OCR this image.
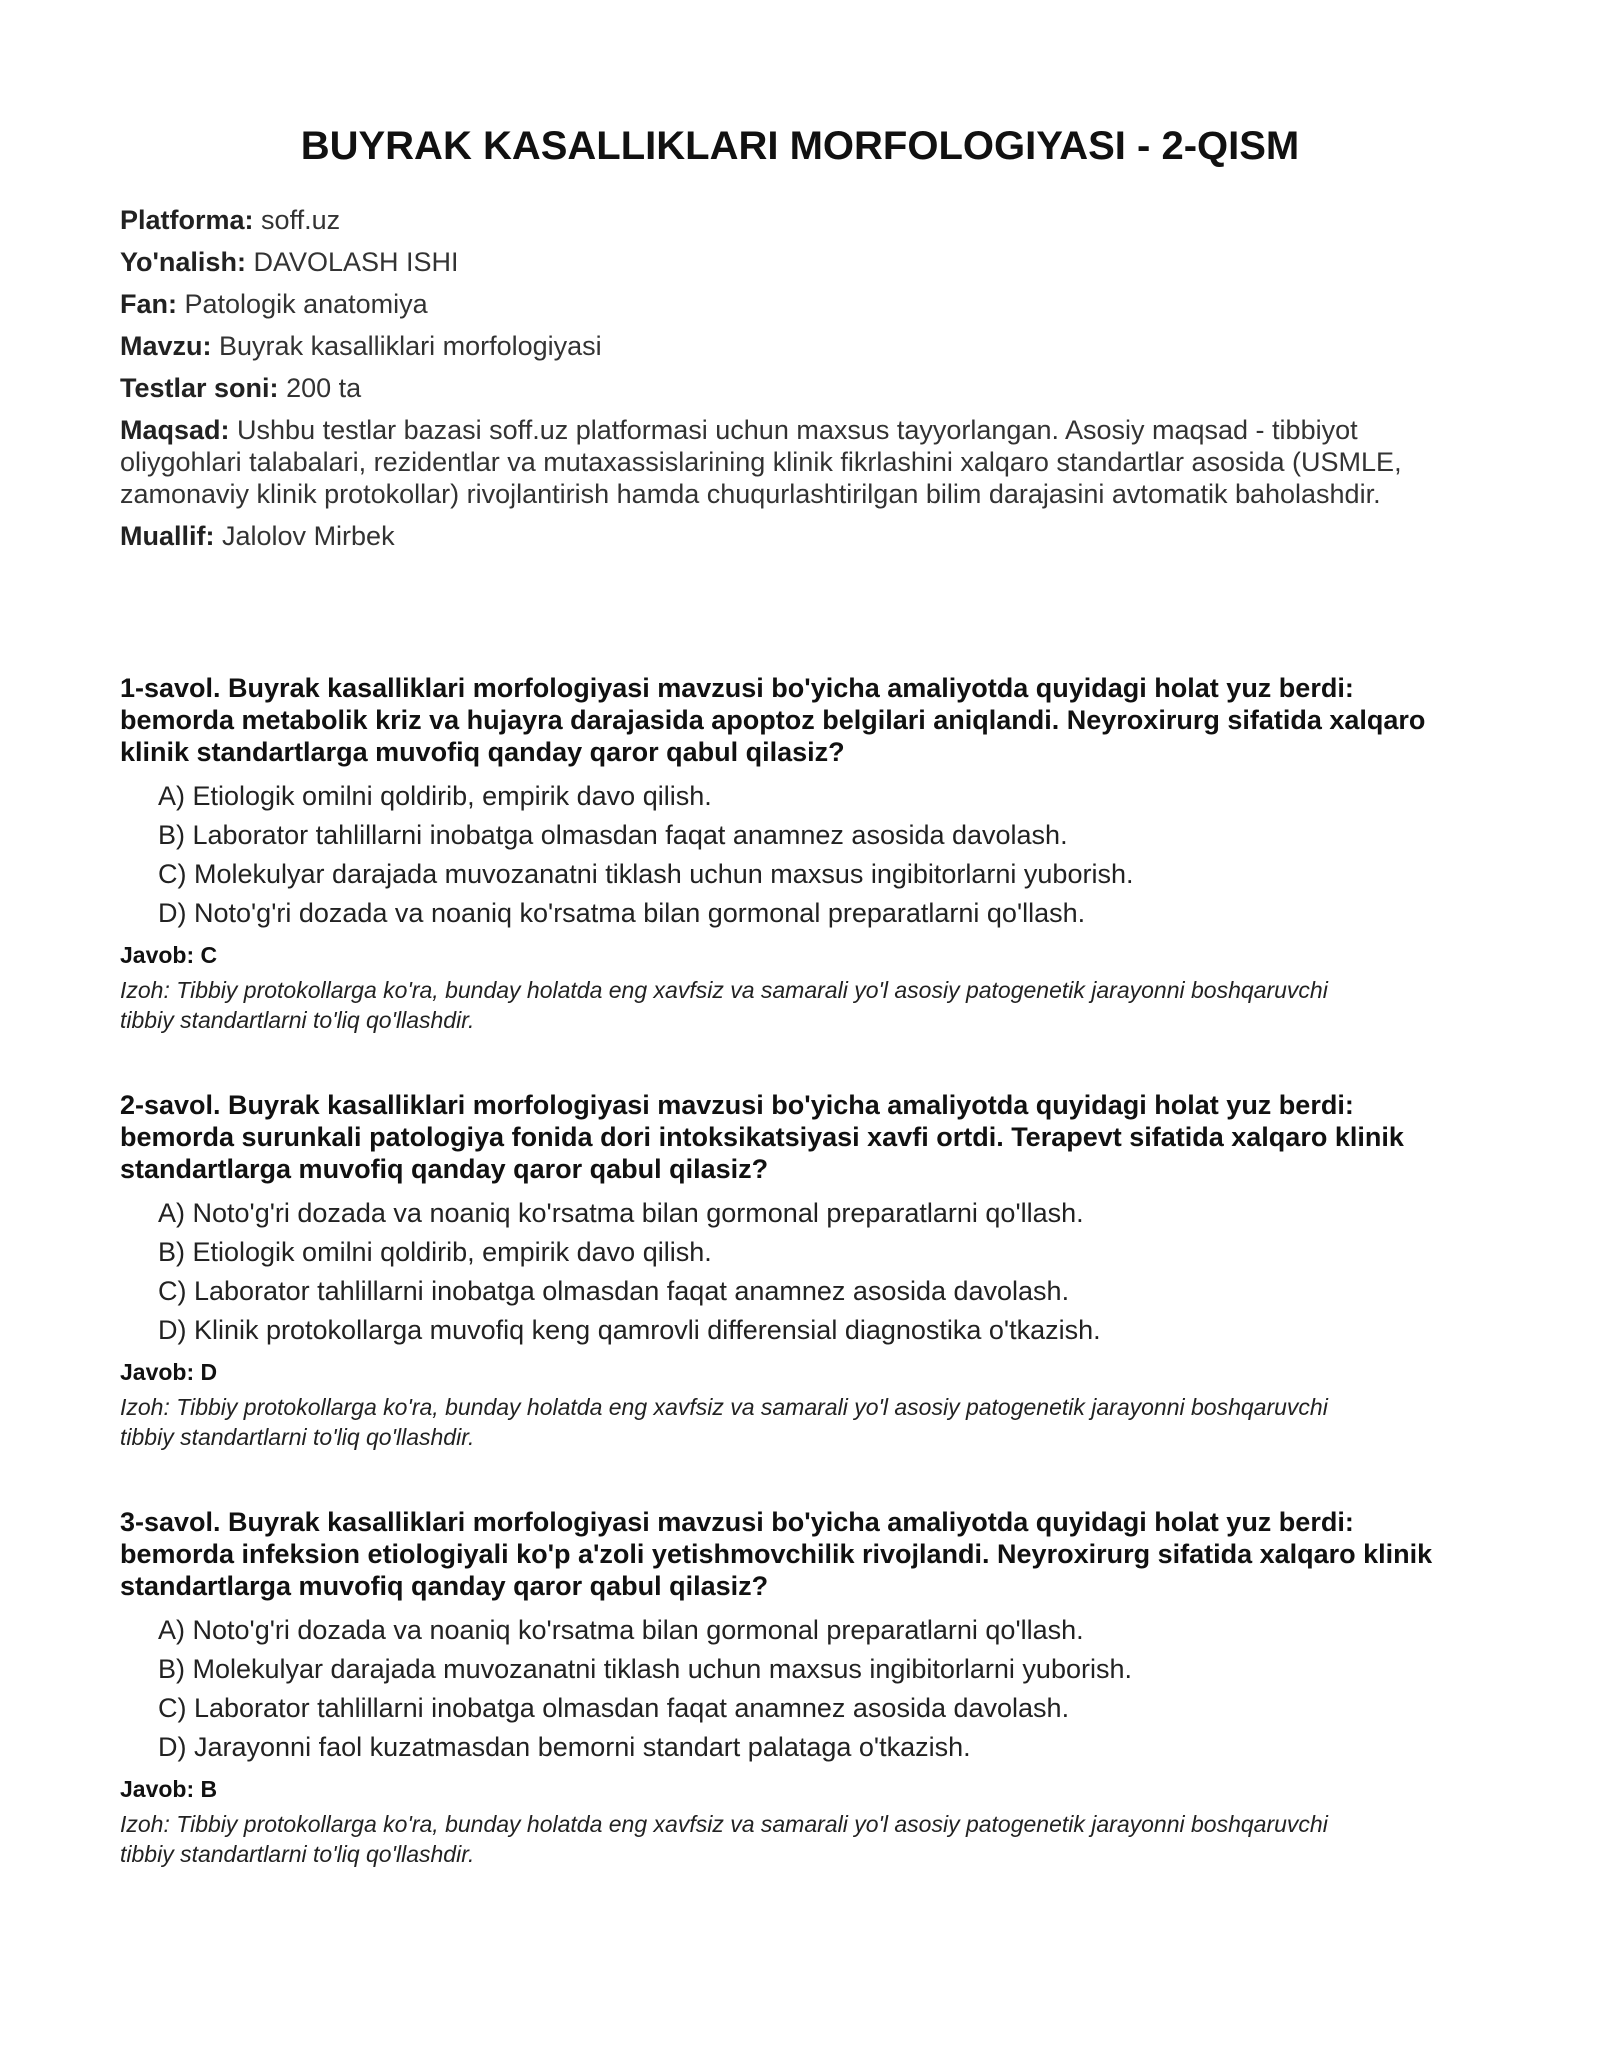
BUYRAK KASALLIKLARI MORFOLOGIYASI - 2-QISM
Platforma: soff.uz
Yo'nalish: DAVOLASH ISHI
Fan: Patologik anatomiya
Mavzu: Buyrak kasalliklari morfologiyasi
Testlar soni: 200 ta
Maqsad: Ushbu testlar bazasi soff.uz platformasi uchun maxsus tayyorlangan. Asosiy maqsad - tibbiyot oliygohlari talabalari, rezidentlar va mutaxassislarining klinik fikrlashini xalqaro standartlar asosida (USMLE, zamonaviy klinik protokollar) rivojlantirish hamda chuqurlashtirilgan bilim darajasini avtomatik baholashdir.
Muallif: Jalolov Mirbek
1-savol. Buyrak kasalliklari morfologiyasi mavzusi bo'yicha amaliyotda quyidagi holat yuz berdi: bemorda metabolik kriz va hujayra darajasida apoptoz belgilari aniqlandi. Neyroxirurg sifatida xalqaro klinik standartlarga muvofiq qanday qaror qabul qilasiz?
A) Etiologik omilni qoldirib, empirik davo qilish.
B) Laborator tahlillarni inobatga olmasdan faqat anamnez asosida davolash.
C) Molekulyar darajada muvozanatni tiklash uchun maxsus ingibitorlarni yuborish.
D) Noto'g'ri dozada va noaniq ko'rsatma bilan gormonal preparatlarni qo'llash.
Javob: C
Izoh: Tibbiy protokollarga ko'ra, bunday holatda eng xavfsiz va samarali yo'l asosiy patogenetik jarayonni boshqaruvchi tibbiy standartlarni to'liq qo'llashdir.
2-savol. Buyrak kasalliklari morfologiyasi mavzusi bo'yicha amaliyotda quyidagi holat yuz berdi: bemorda surunkali patologiya fonida dori intoksikatsiyasi xavfi ortdi. Terapevt sifatida xalqaro klinik standartlarga muvofiq qanday qaror qabul qilasiz?
A) Noto'g'ri dozada va noaniq ko'rsatma bilan gormonal preparatlarni qo'llash.
B) Etiologik omilni qoldirib, empirik davo qilish.
C) Laborator tahlillarni inobatga olmasdan faqat anamnez asosida davolash.
D) Klinik protokollarga muvofiq keng qamrovli differensial diagnostika o'tkazish.
Javob: D
Izoh: Tibbiy protokollarga ko'ra, bunday holatda eng xavfsiz va samarali yo'l asosiy patogenetik jarayonni boshqaruvchi tibbiy standartlarni to'liq qo'llashdir.
3-savol. Buyrak kasalliklari morfologiyasi mavzusi bo'yicha amaliyotda quyidagi holat yuz berdi: bemorda infeksion etiologiyali ko'p a'zoli yetishmovchilik rivojlandi. Neyroxirurg sifatida xalqaro klinik standartlarga muvofiq qanday qaror qabul qilasiz?
A) Noto'g'ri dozada va noaniq ko'rsatma bilan gormonal preparatlarni qo'llash.
B) Molekulyar darajada muvozanatni tiklash uchun maxsus ingibitorlarni yuborish.
C) Laborator tahlillarni inobatga olmasdan faqat anamnez asosida davolash.
D) Jarayonni faol kuzatmasdan bemorni standart palataga o'tkazish.
Javob: B
Izoh: Tibbiy protokollarga ko'ra, bunday holatda eng xavfsiz va samarali yo'l asosiy patogenetik jarayonni boshqaruvchi tibbiy standartlarni to'liq qo'llashdir.
